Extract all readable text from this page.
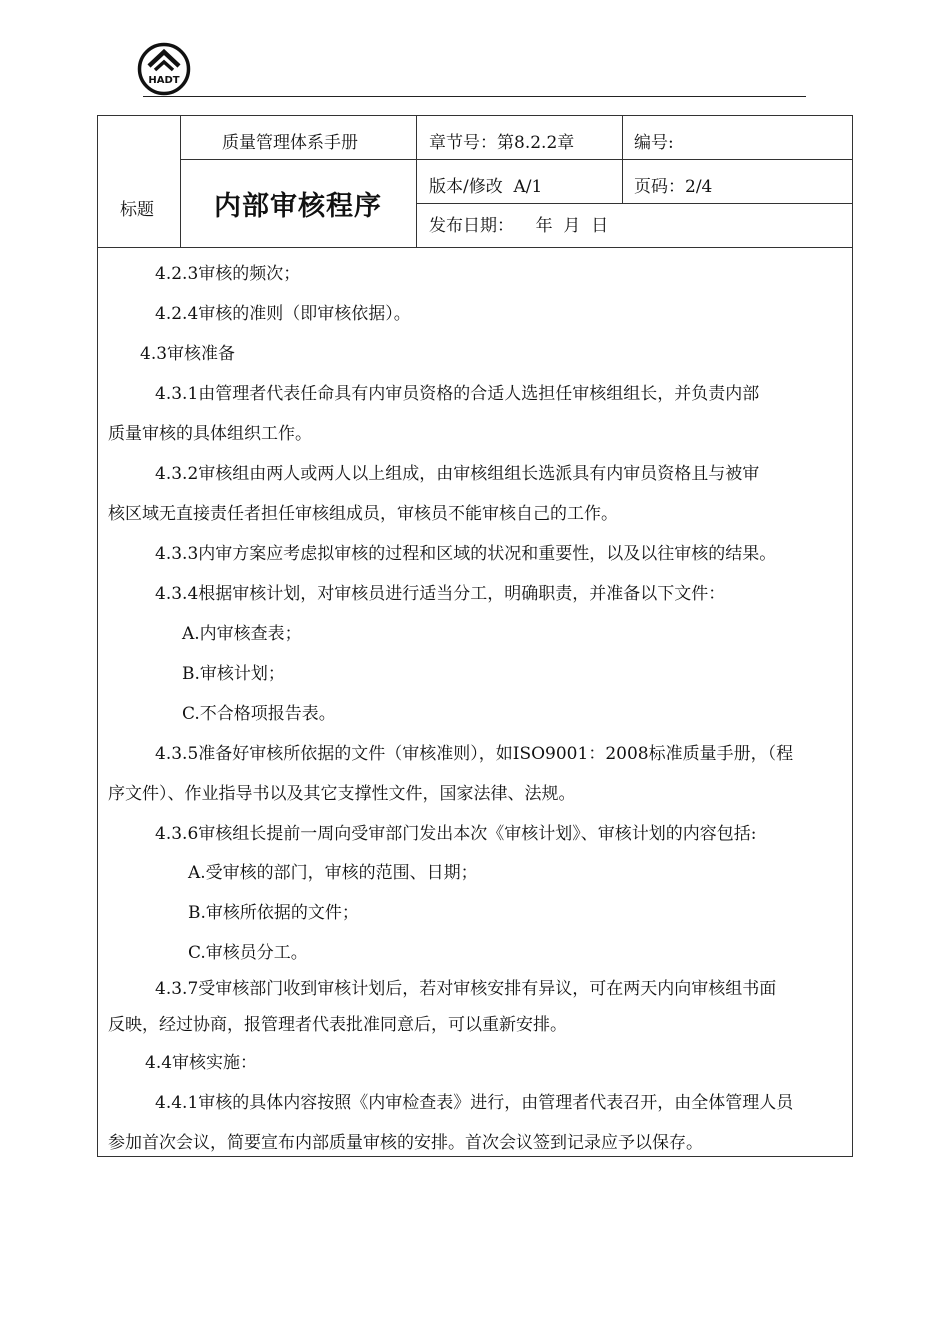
HADT
质量管理体系手册	章节号：第8.2.2章	编号:
标题 内部审核程序
版本/修改  A/1	页码：2/4
发布日期：    年  月  日
4.2.3审核的频次；
4.2.4审核的准则（即审核依据）。
4.3审核准备
4.3.1由管理者代表任命具有内审员资格的合适人选担任审核组组长，并负责内部
质量审核的具体组织工作。
4.3.2审核组由两人或两人以上组成，由审核组组长选派具有内审员资格且与被审
核区域无直接责任者担任审核组成员，审核员不能审核自己的工作。
4.3.3内审方案应考虑拟审核的过程和区域的状况和重要性，以及以往审核的结果。
4.3.4根据审核计划，对审核员进行适当分工，明确职责，并准备以下文件：
A.内审核查表；
B.审核计划；
C.不合格项报告表。
4.3.5准备好审核所依据的文件（审核准则），如ISO9001：2008标准质量手册，（程
序文件）、作业指导书以及其它支撑性文件，国家法律、法规。
4.3.6审核组长提前一周向受审部门发出本次《审核计划》、审核计划的内容包括:
A.受审核的部门，审核的范围、日期；
B.审核所依据的文件；
C.审核员分工。
4.3.7受审核部门收到审核计划后，若对审核安排有异议，可在两天内向审核组书面
反映，经过协商，报管理者代表批准同意后，可以重新安排。
4.4审核实施：
4.4.1审核的具体内容按照《内审检查表》进行，由管理者代表召开，由全体管理人员
参加首次会议，简要宣布内部质量审核的安排。首次会议签到记录应予以保存。
